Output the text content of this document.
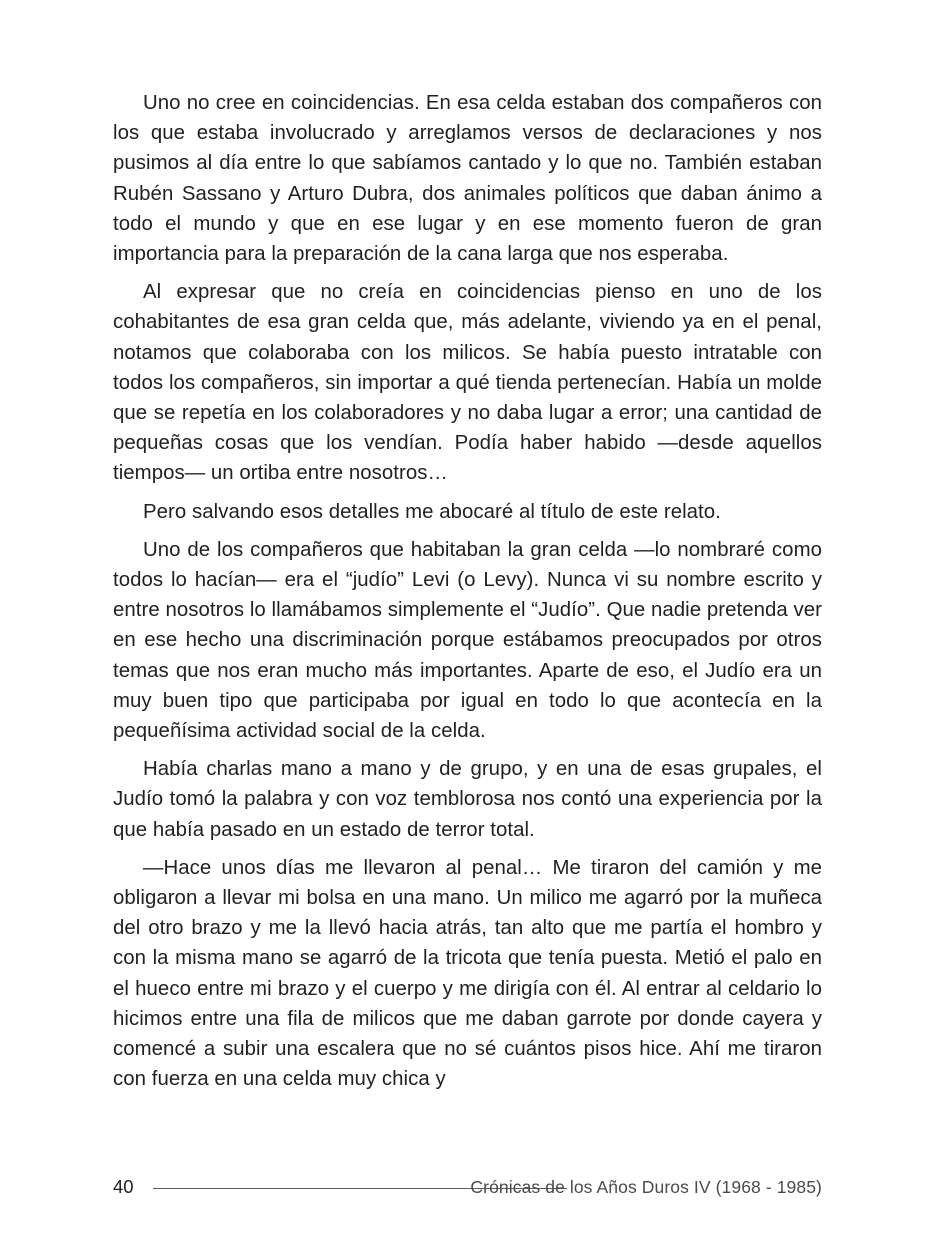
Uno no cree en coincidencias. En esa celda estaban dos compañeros con los que estaba involucrado y arreglamos versos de declaraciones y nos pusimos al día entre lo que sabíamos cantado y lo que no. También estaban Rubén Sassano y Arturo Dubra, dos animales políticos que daban ánimo a todo el mundo y que en ese lugar y en ese momento fueron de gran importancia para la preparación de la cana larga que nos esperaba.

Al expresar que no creía en coincidencias pienso en uno de los cohabitantes de esa gran celda que, más adelante, viviendo ya en el penal, notamos que colaboraba con los milicos. Se había puesto intratable con todos los compañeros, sin importar a qué tienda pertenecían. Había un molde que se repetía en los colaboradores y no daba lugar a error; una cantidad de pequeñas cosas que los vendían. Podía haber habido —desde aquellos tiempos— un ortiba entre nosotros…

Pero salvando esos detalles me abocaré al título de este relato.

Uno de los compañeros que habitaban la gran celda —lo nombraré como todos lo hacían— era el “judío” Levi (o Levy). Nunca vi su nombre escrito y entre nosotros lo llamábamos simplemente el “Judío”. Que nadie pretenda ver en ese hecho una discriminación porque estábamos preocupados por otros temas que nos eran mucho más importantes. Aparte de eso, el Judío era un muy buen tipo que participaba por igual en todo lo que acontecía en la pequeñísima actividad social de la celda.

Había charlas mano a mano y de grupo, y en una de esas grupales, el Judío tomó la palabra y con voz temblorosa nos contó una experiencia por la que había pasado en un estado de terror total.

—Hace unos días me llevaron al penal… Me tiraron del camión y me obligaron a llevar mi bolsa en una mano. Un milico me agarró por la muñeca del otro brazo y me la llevó hacia atrás, tan alto que me partía el hombro y con la misma mano se agarró de la tricota que tenía puesta. Metió el palo en el hueco entre mi brazo y el cuerpo y me dirigía con él. Al entrar al celdario lo hicimos entre una fila de milicos que me daban garrote por donde cayera y comencé a subir una escalera que no sé cuántos pisos hice. Ahí me tiraron con fuerza en una celda muy chica y

40	Crónicas de los Años Duros IV (1968 - 1985)
